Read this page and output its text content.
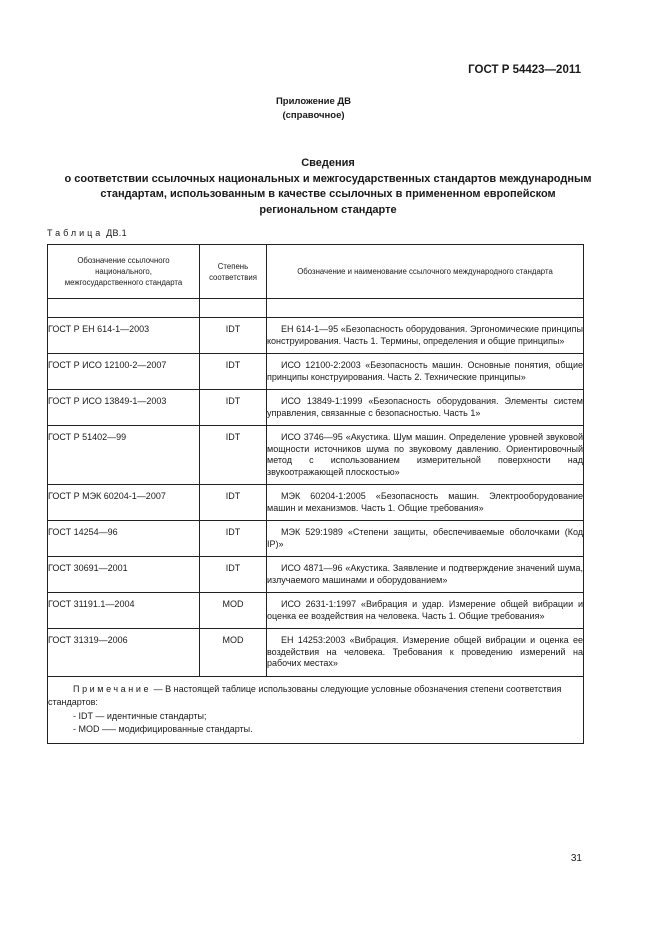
ГОСТ Р 54423—2011
Приложение ДВ
(справочное)
Сведения
о соответствии ссылочных национальных и межгосударственных стандартов международным
стандартам, использованным в качестве ссылочных в примененном европейском
региональном стандарте
Таблица ДВ.1
Обозначение ссылочного национального, межгосударственного стандарта	Степень соответствия	Обозначение и наименование ссылочного международного стандарта

ГОСТ Р ЕН 614-1—2003	IDT	ЕН 614-1—95 «Безопасность оборудования. Эргономические принципы конструирования. Часть 1. Термины, определения и общие принципы»

ГОСТ Р ИСО 12100-2—2007	IDT	ИСО 12100-2:2003 «Безопасность машин. Основные понятия, общие принципы конструирования. Часть 2. Технические принципы»

ГОСТ Р ИСО 13849-1—2003	IDT	ИСО 13849-1:1999 «Безопасность оборудования. Элементы систем управления, связанные с безопасностью. Часть 1»

ГОСТ Р 51402—99	IDT	ИСО 3746—95 «Акустика. Шум машин. Определение уровней звуковой мощности источников шума по звуковому давлению. Ориентировочный метод с использованием измерительной поверхности над звукоотражающей плоскостью»

ГОСТ Р МЭК 60204-1—2007	IDT	МЭК 60204-1:2005 «Безопасность машин. Электрооборудование машин и механизмов. Часть 1. Общие требования»

ГОСТ 14254—96	IDT	МЭК 529:1989 «Степени защиты, обеспечиваемые оболочками (Код IP)»

ГОСТ 30691—2001	IDT	ИСО 4871—96 «Акустика. Заявление и подтверждение значений шума, излучаемого машинами и оборудованием»

ГОСТ 31191.1—2004	MOD	ИСО 2631-1:1997 «Вибрация и удар. Измерение общей вибрации и оценка ее воздействия на человека. Часть 1. Общие требования»

ГОСТ 31319—2006	MOD	ЕН 14253:2003 «Вибрация. Измерение общей вибрации и оценка ее воздействия на человека. Требования к проведению измерений на рабочих местах»

Примечание — В настоящей таблице использованы следующие условные обозначения степени соответствия стандартов:
- IDT — идентичные стандарты;
- MOD —– модифицированные стандарты.		
31
